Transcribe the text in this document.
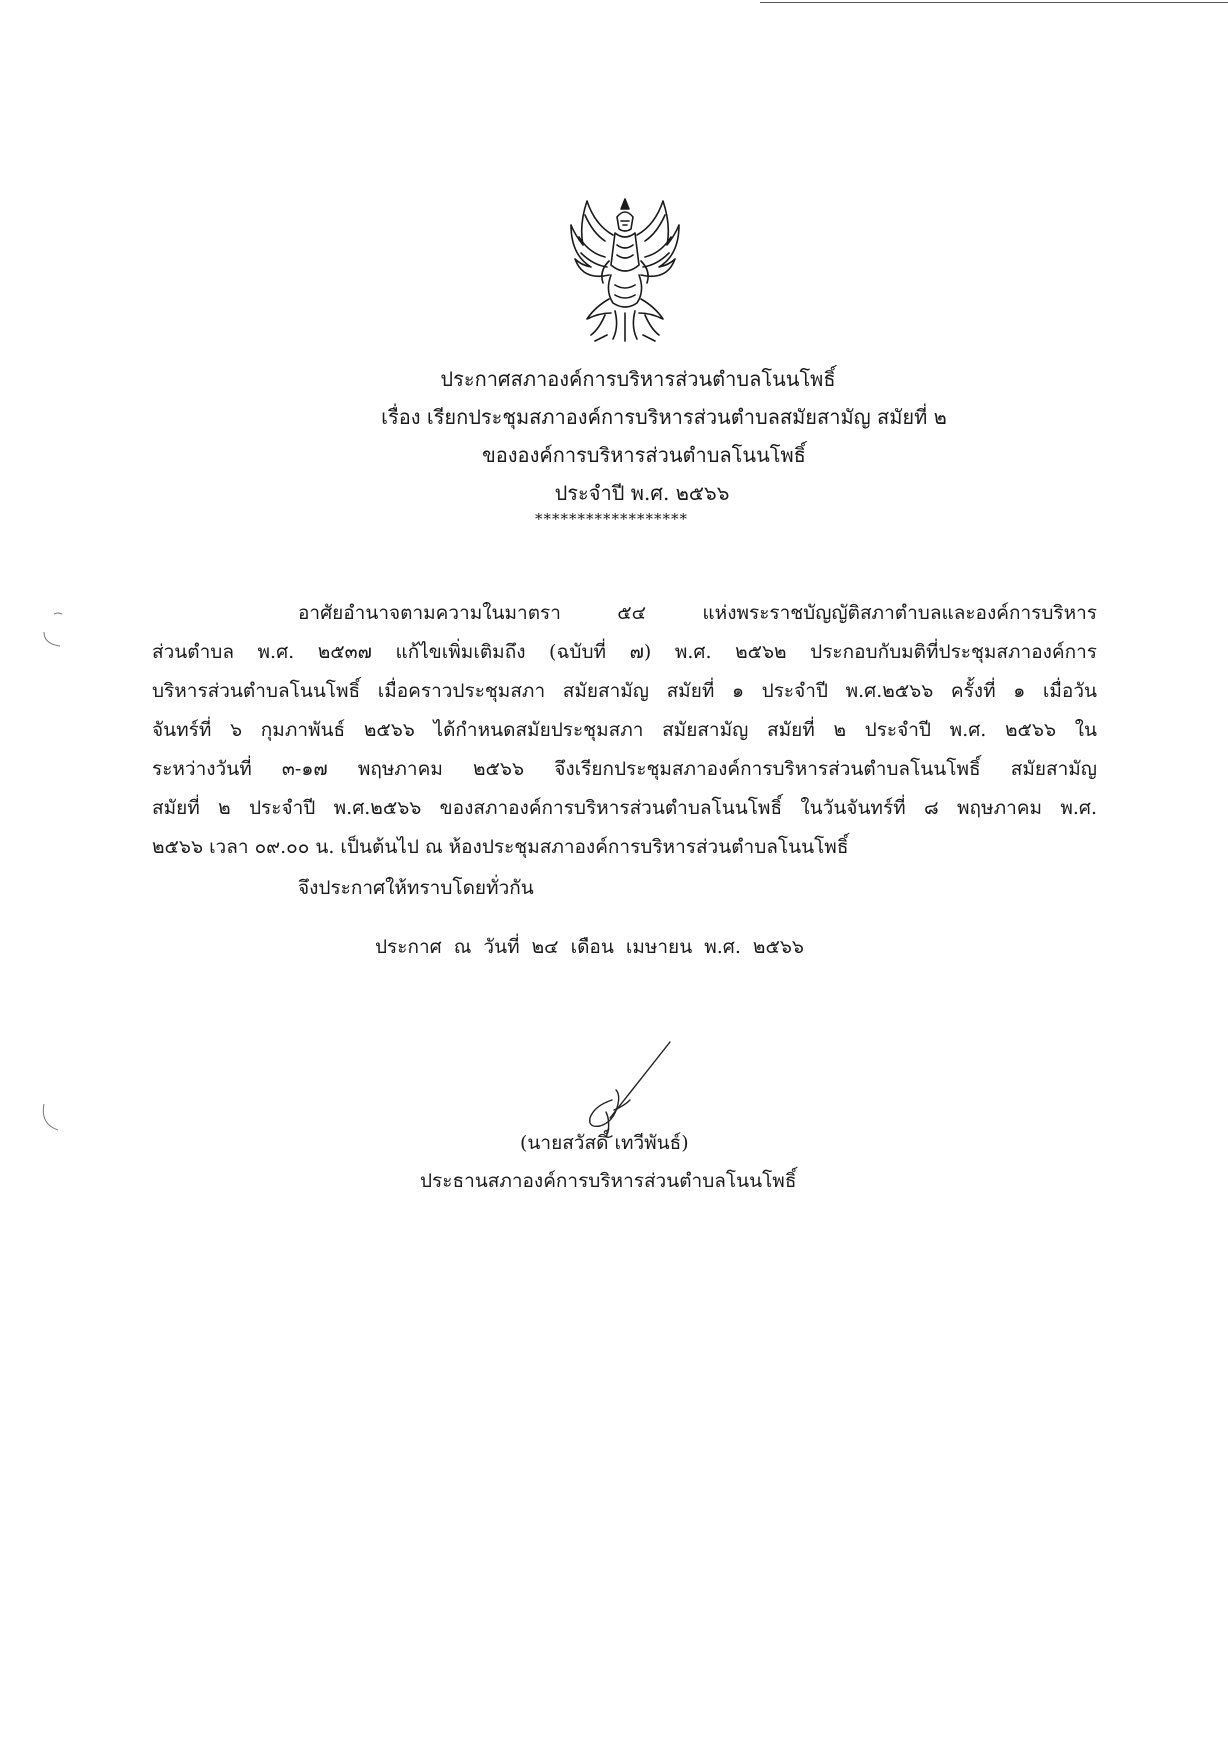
ประกาศสภาองค์การบริหารส่วนตำบลโนนโพธิ์
เรื่อง เรียกประชุมสภาองค์การบริหารส่วนตำบลสมัยสามัญ สมัยที่ ๒
ขององค์การบริหารส่วนตำบลโนนโพธิ์
ประจำปี พ.ศ. ๒๕๖๖
******************
อาศัยอำนาจตามความในมาตรา ๕๔ แห่งพระราชบัญญัติสภาตำบลและองค์การบริหาร
ส่วนตำบล พ.ศ. ๒๕๓๗ แก้ไขเพิ่มเติมถึง (ฉบับที่ ๗) พ.ศ. ๒๕๖๒ ประกอบกับมติที่ประชุมสภาองค์การ
บริหารส่วนตำบลโนนโพธิ์ เมื่อคราวประชุมสภา สมัยสามัญ สมัยที่ ๑ ประจำปี พ.ศ.๒๕๖๖ ครั้งที่ ๑ เมื่อวัน
จันทร์ที่ ๖ กุมภาพันธ์ ๒๕๖๖ ได้กำหนดสมัยประชุมสภา สมัยสามัญ สมัยที่ ๒ ประจำปี พ.ศ. ๒๕๖๖ ใน
ระหว่างวันที่ ๓-๑๗ พฤษภาคม ๒๕๖๖ จึงเรียกประชุมสภาองค์การบริหารส่วนตำบลโนนโพธิ์ สมัยสามัญ
สมัยที่ ๒ ประจำปี พ.ศ.๒๕๖๖ ของสภาองค์การบริหารส่วนตำบลโนนโพธิ์ ในวันจันทร์ที่ ๘ พฤษภาคม พ.ศ.
๒๕๖๖ เวลา ๐๙.๐๐ น. เป็นต้นไป ณ ห้องประชุมสภาองค์การบริหารส่วนตำบลโนนโพธิ์
จึงประกาศให้ทราบโดยทั่วกัน
ประกาศ ณ วันที่ ๒๔ เดือน เมษายน พ.ศ. ๒๕๖๖
(นายสวัสดิ์ เทวีพันธ์)
ประธานสภาองค์การบริหารส่วนตำบลโนนโพธิ์
